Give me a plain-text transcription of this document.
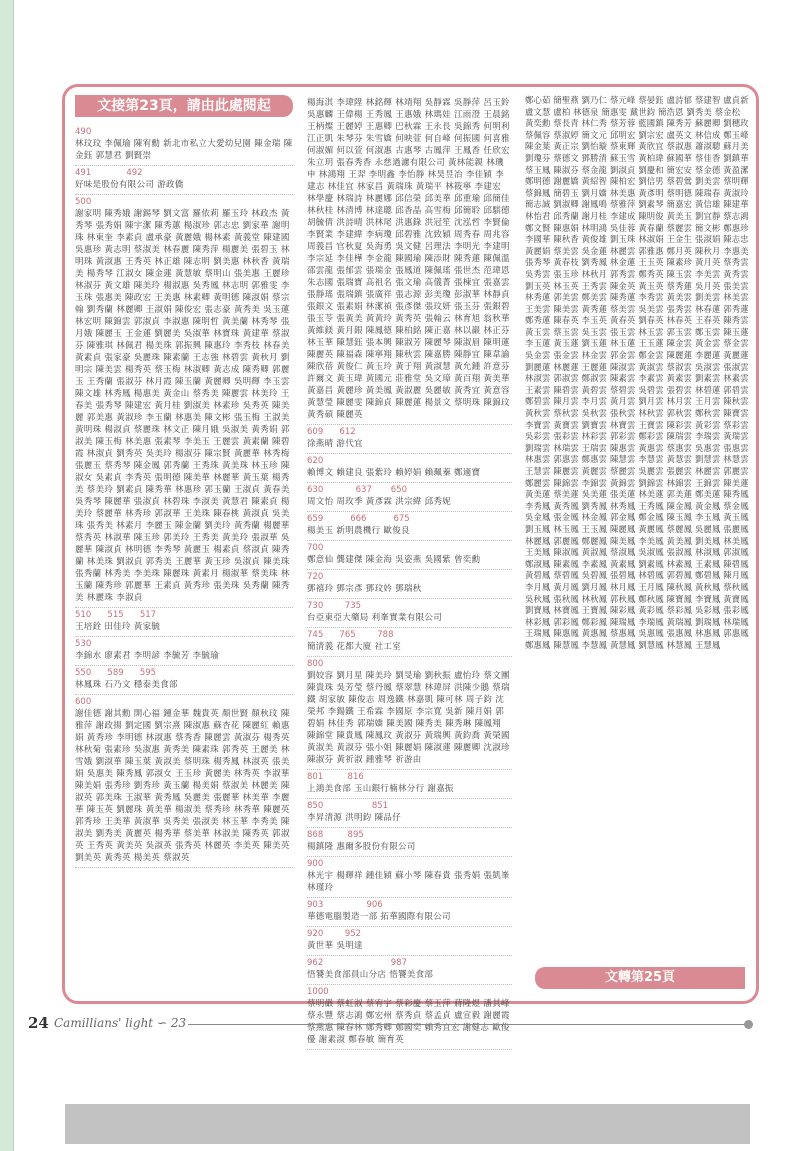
文接第23頁，請由此處閱起
490
林玟玟 李佩瑜 陳宥勳 新北市私立大愛幼兒園 陳金瑞 陳金鈺 郭慧君 劉賢崇
491             492
好味是股份有限公司 游政僑
500
謝家明 陳秀娥 謝錫琴 劉文富 羅依莉 羅玉玲 林政杰 黃秀琴 張秀娟 陳宇潔 陳秀蕙 楊淑珍 郭志忠 劉家華 謝明珠 林東奎 李素貞 盧承豪 黃麗娥 楊林素 黃義堂 陳建國 吳惠珍 黃志明 蔡淑美 林春麗 陳秀萍 楊麗美 張碧玉 林明珠 黃淑惠 王秀英 林正雄 陳志明 劉美惠 林秋香 黃瑞美 楊秀琴 江淑女 陳金蓮 黃慧敏 蔡明山 張美惠 王麗珍 林淑芬 黃文雄 陳美玲 楊淑惠 吳秀鳳 林志明 郭雅雯 李玉珠 張惠美 陳政宏 王美惠 林素卿 黃明德 陳淑娟 蔡宗翰 劉秀蘭 林麗卿 王淑娟 陳俊宏 張志豪 黃秀美 吳玉蓮 林宏明 陳錦雲 郭淑貞 李淑惠 陳明哲 黃美蘭 林秀琴 張月娥 陳麗玉 王金蓮 劉麗美 吳淑華 林寶珠 黃建華 蔡淑芬 陳雅琪 林佩君 楊美珠 郭振興 陳惠玲 李秀枝 林春美 黃素貞 張家豪 吳麗珠 陳素蘭 王志強 林碧雲 黃秋月 劉明宗 陳美雲 楊秀英 蔡玉梅 林淑卿 黃志成 陳秀卿 郭麗玉 王秀蘭 張淑芬 林月霞 陳玉蘭 黃麗卿 吳明輝 李玉雲 陳文雄 林秀鳳 楊惠美 黃金山 蔡秀美 陳麗雲 林美玲 王春美 張秀琴 陳建宏 黃月桂 劉淑美 林素珍 吳秀英 陳美麗 郭美惠 黃淑珍 李玉蘭 林惠美 陳文彬 張玉梅 王淑美 黃明珠 楊淑貞 蔡麗珠 林文正 陳月娥 吳淑美 黃秀娟 郭淑美 陳玉梅 林美惠 張素琴 李美玉 王麗雲 黃素蘭 陳碧霞 林淑貞 劉秀英 吳美玲 楊淑芬 陳宗賢 黃麗華 林秀梅 張麗玉 蔡秀琴 陳金鳳 郭秀蘭 王秀珠 黃美珠 林玉珍 陳淑女 吳素貞 李秀英 張明德 陳美華 林麗華 黃玉葉 楊秀美 蔡美玲 劉素貞 陳秀華 林惠珍 郭玉蘭 王淑貞 黃春美 吳秀琴 陳麗華 張淑貞 林碧珠 李淑美 黃慧君 陳素貞 楊美玲 蔡麗華 林秀珍 郭淑華 王美珠 陳春桃 黃淑貞 吳美珠 張秀美 林素月 李麗玉 陳金蘭 劉美玲 黃秀蘭 楊麗華 蔡秀英 林淑華 陳玉珍 郭美玲 王秀美 黃美玲 張淑華 吳麗華 陳淑貞 林明德 李秀琴 黃麗玉 楊素貞 蔡淑貞 陳秀蘭 林美珠 劉淑貞 郭秀美 王麗華 黃玉珍 吳淑貞 陳美珠 張秀蘭 林秀美 李美珠 陳麗珠 黃素月 楊淑華 蔡美珠 林玉蘭 陳秀珍 郭麗華 王素貞 黃秀珍 張美珠 吳秀蘭 陳秀美 林麗珠 李淑貞
510      515      517
王培銓 田佳玲 黃家毓
530
李錦水 廖素君 李明諺 李毓芳 李毓瑜
550      589      595
林鳳珠 石乃文 穩泰美食部
600
謝佳德 謝其勳 開心福 鍾金華 魏貴英 顏世賢 顏秋玟 陳雅萍 謝政揚 劉定國 劉宗熹 陳淑惠 蘇杏花 陳麗紅 賴惠娟 黃秀珍 李明德 林淑惠 蔡秀香 陳麗雲 黃淑芬 楊秀英 林秋菊 張素珍 吳淑惠 黃秀美 陳素珠 郭秀英 王麗美 林雪娥 劉淑華 陳玉葉 黃淑美 蔡明珠 楊秀鳳 林淑英 張美娟 吳惠美 陳秀鳳 郭淑女 王玉珍 黃麗美 林秀英 李淑華 陳美娟 張秀珍 劉秀珍 黃玉蘭 楊美娟 蔡淑美 林麗美 陳淑英 郭美珠 王淑華 黃秀鳳 吳麗美 張麗華 林美華 李麗華 陳玉英 劉麗珠 黃美華 楊淑美 蔡秀珍 林秀華 陳麗英 郭秀珍 王美華 黃淑華 吳秀美 張淑美 林玉華 李秀美 陳淑美 劉秀美 黃麗英 楊秀華 蔡美華 林淑美 陳秀英 郭淑英 王秀英 黃美英 吳淑英 張秀英 林麗英 李美英 陳美英 劉美英 黃秀英 楊美英 蔡淑英
楊海淇 李瑋陞 林銘輝 林靖翔 吳靜霖 吳靜萍 呂玉鈴 吳惠麟 王偉楊 王秀鳳 王惠娥 林瑪娃 江雨澄 王晨銘 王柄燦 王麗婷 王惠卿 巴秋霖 王永長 吳錦秀 何明利 江正凱 朱琴芬 朱雪嬌 何映萱 何自峰 何振國 何喜雅 何淑媚 何以萱 何淑惠 古惠琴 古鳳萍 王鳳香 任欣宏 朱立玥 張春秀香 永慈過濾有限公司 黃林能親 林璣申 林鴻翔 王羿 李明鑫 李怡靜 林昊昱冶 李佳穎 李建志 林佳宜 林家昌 黃瑞珠 黃瑞平 林筱寧 李建宏 林學慶 林瑞詩 林麗娜 邱信榮 邱美華 邱重瑜 邱簡佳 林秋桂 林清博 林達聰 邱香晶 高雪梅 邱簡聆 邱騏德 胡毓倩 洪詩晴 洪林尾 洪惠錄 洪冠笙 沈泓哲 李賢倫 李賢業 李建緯 李病瓊 邱碧雅 沈致穎 周秀春 周兆容 周義昌 官秋夏 吳海勇 吳文健 呂理法 李明光 李建明 李宗延 李佳樺 李金龍 陳國瑜 陳添財 陳秀蓮 陳佩溫 邵雲龍 張郁雲 張瑞金 張鳳道 陳佩瑤 張世杰 范瑋恩 朱志國 張瑞寶 高祖名 張文瑜 高儀菁 張棟宜 張嘉雲 張靜瑤 張瑞鎮 張廣祥 張志源 彭美瓊 彭淑華 林靜貞 張銀文 張素娟 林潔禎 張彥傑 張玟妍 張玉芬 張銀碧 張玉苓 張黃美 黃黃玲 黃秀英 張翰云 林育旭 翁秋華 黃維鎂 黃月銀 陳鳳德 陳柏銘 陳正嘉 林以巖 林正芬 林玉華 陳慧鈺 張本興 陳淑芳 陳麗琴 陳淑眉 陳明蓮 陳麗英 陳福森 陳寧翔 陳秋雲 陳嘉勝 陳靜宜 陳韋諭 陳欣蓓 黃俊仁 黃玉玲 黃于翔 黃淑慧 黃允鍾 許意芬 許爾文 黃玉瑋 黃國元 莊雅堂 吳文璋 黃百翔 黃美華 黃嘉昌 黃麗珍 黃美鳳 黃淑麗 吳麗敏 黃秀宜 黃意容 黃慧瑩 陳麗雯 陳錦貞 陳麗蓮 楊景文 蔡明珠 陳錦玟 黃秀碩 陳麗英
609      612
徐燕晴 游代宜
620
賴博文 賴建良 張紫玲 賴婷娟 賴珮蓁 鄭適寶
630            637       650
周文怡 周玫季 黃彥霖 洪宗緯 邱秀妮
659          666          675
楊美玉 新明農機行 歐俊良
700
鄭意仙 龔建傑 陳金海 吳姿燕 吳國紫 曾奕勳
720
鄧禧玲 鄧宗彥 鄧玟妗 鄧瑞秋
730        735
台亞東亞大藥局 利峯實業有限公司
745      765        788
簡清義 花都大廈 社工室
800
劉姣容 劉月星 陳美玲 劉旻瑜 劉秋振 盧怡玲 蔡文團 陳貴珠 吳芳瑩 蔡丹鳳 蔡翠慧 林瑋屏 洪陳少鵝 蔡瑞鐵 胡家敏 陳俊志 周逸鐵 林嘉凱 陳可林 周子鈞 沈榮邦 李鍚鐵 王希霖 李國原 李宗寬 吳新 陳月娟 郭碧娟 林佳秀 郭瑞嬌 陳美國 陳秀美 陳秀琳 陳鳳翔 陳錦堂 陳貴鳳 陳鳳玟 黃淑芬 黃瑞興 黃鈞喬 黃榮國 黃淑美 黃淑芬 張小姐 陳麗娟 陳淑蓮 陳麗卿 沈淑珍 陳淑芬 黃祈淑 鍾雅琴 祈游由
801         816
上鴻美食部 玉山銀行楠林分行 謝嘉振
850                  851
李昇清源 洪明鈞 陳品仔
868         895
楊鎮隆 惠爾多股份有限公司
900
林光宇 楊輝祥 鍾佳穎 蘇小琴 陳春貴 張秀娟 張凱峯 林瑾玲
903                906
華德電腦製造一部 拓華國際有限公司
920        952
黃世華 吳明達
962                         987
悟饕美食部員山分店 悟饕美食部
1000
蔡明嚴 蔡虹淑 蔡宥宇 蔡彩慶 蔡玉萍 蔣隆煜 潘其峰 蔡永豐 蔡志鴻 鄭宏州 蔡秀貞 蔡孟貞 盧宣毅 謝麗霞 蔡燕惠 陳春林 鄭秀卿 鄭國奕 賴秀宜宏 謝健志 歐俊優 謝素淑 鄭春敏 簡育英
鄭心茹 簡聖燕 劉乃仁 蔡元峰 蔡晏鈺 盧詩郁 蔡建智 盧貞新 盧文慧 盧柏 林德泉 簡惠雯 戴世鈞 簡浩恩 劉秀美 蔡金松 黃奕勳 蔡長青 林仁秀 蔡芳蓉 藍國鎮 陳秀芳 蘇麗卿 劉穗玫 蔡佩容 蔡淑婷 簡文元 邱明宏 劉宗宏 盧英文 林信成 鄭玉峰 陳金葉 黃正宗 劉怡璇 蔡東輝 黃欣宜 蔡淑惠 蕭淑聰 蘇月美 劉瓊芬 蔡德文 鄧勝清 蘇玉雪 黃柏瑋 蘇國華 蔡佳香 劉鎮華 蔡玉鳳 陳淑芬 蔡金龍 劉淑貞 劉慶和 簡宏安 蔡金德 黃盈潔 鄭明德 謝麗嬌 黃紹智 陳柏宏 劉信男 蔡碧鶯 劉美雲 蔡明輝 蔡錦鳳 簡碧玉 劉月嬌 林美惠 黃彥明 蔡明德 陳瑞春 黃淑玲 簡志誠 劉淑卿 謝鳳鳴 蔡雅萍 劉素琴 簡嘉宏 黃信雄 陳建華 林怡君 邱秀蘭 謝月桂 李建成 陳明俊 黃美玉 劉宜靜 蔡志鴻 鄭文賢 陳惠娟 林明鴻 吳佳蓉 黃春蘭 蔡麗雲 簡文彬 鄭惠珍 李國華 陳秋香 黃俊雄 劉玉珠 林淑娟 王金生 張淑娟 陳志忠 黃麗娟 蔡美雲 吳金蓮 林麗雲 郭雅惠 鄭月英 陳秋月 李惠美 張秀琴 黃春枝 劉秀鳳 林金蓮 王玉英 陳素珍 黃月英 蔡秀雲 吳秀雲 張玉珍 林秋月 郭秀雲 鄭秀英 陳玉雲 李美雲 黃秀雲 劉玉英 林玉英 王秀雲 陳金英 黃玉英 蔡秀蓮 吳月英 張美雲 林秀蓮 郭美雲 鄭美雲 陳秀蓮 李秀雲 黃美雲 劉美雲 林美雲 王美雲 陳美雲 黃秀蓮 蔡美雲 吳美雲 張秀雲 林春蓮 郭秀蓮 鄭秀蓮 陳春英 李玉英 黃春英 劉春英 林春英 王春英 陳秀雲 黃玉雲 蔡玉雲 吳玉雲 張玉雲 林玉雲 郭玉雲 鄭玉雲 陳玉蓮 李玉蓮 黃玉蓮 劉玉蓮 林玉蓮 王玉蓮 陳金雲 黃金雲 蔡金雲 吳金雲 張金雲 林金雲 郭金雲 鄭金雲 陳麗蓮 李麗蓮 黃麗蓮 劉麗蓮 林麗蓮 王麗蓮 陳淑雲 黃淑雲 蔡淑雲 吳淑雲 張淑雲 林淑雲 郭淑雲 鄭淑雲 陳素雲 李素雲 黃素雲 劉素雲 林素雲 王素雲 陳碧雲 黃碧雲 蔡碧雲 吳碧雲 張碧雲 林碧蓮 郭碧雲 鄭碧雲 陳月雲 李月雲 黃月雲 劉月雲 林月雲 王月雲 陳秋雲 黃秋雲 蔡秋雲 吳秋雲 張秋雲 林秋雲 郭秋雲 鄭秋雲 陳寶雲 李寶雲 黃寶雲 劉寶雲 林寶雲 王寶雲 陳彩雲 黃彩雲 蔡彩雲 吳彩雲 張彩雲 林彩雲 郭彩雲 鄭彩雲 陳瑞雲 李瑞雲 黃瑞雲 劉瑞雲 林瑞雲 王瑞雲 陳惠雲 黃惠雲 蔡惠雲 吳惠雲 張惠雲 林惠雲 郭惠雲 鄭惠雲 陳慧雲 李慧雲 黃慧雲 劉慧雲 林慧雲 王慧雲 陳麗雲 黃麗雲 蔡麗雲 吳麗雲 張麗雲 林麗雲 郭麗雲 鄭麗雲 陳錦雲 李錦雲 黃錦雲 劉錦雲 林錦雲 王錦雲 陳美蓮 黃美蓮 蔡美蓮 吳美蓮 張美蓮 林美蓮 郭美蓮 鄭美蓮 陳秀鳳 李秀鳳 黃秀鳳 劉秀鳳 林秀鳳 王秀鳳 陳金鳳 黃金鳳 蔡金鳳 吳金鳳 張金鳳 林金鳳 郭金鳳 鄭金鳳 陳玉鳳 李玉鳳 黃玉鳳 劉玉鳳 林玉鳳 王玉鳳 陳麗鳳 黃麗鳳 蔡麗鳳 吳麗鳳 張麗鳳 林麗鳳 郭麗鳳 鄭麗鳳 陳美鳳 李美鳳 黃美鳳 劉美鳳 林美鳳 王美鳳 陳淑鳳 黃淑鳳 蔡淑鳳 吳淑鳳 張淑鳳 林淑鳳 郭淑鳳 鄭淑鳳 陳素鳳 李素鳳 黃素鳳 劉素鳳 林素鳳 王素鳳 陳碧鳳 黃碧鳳 蔡碧鳳 吳碧鳳 張碧鳳 林碧鳳 郭碧鳳 鄭碧鳳 陳月鳳 李月鳳 黃月鳳 劉月鳳 林月鳳 王月鳳 陳秋鳳 黃秋鳳 蔡秋鳳 吳秋鳳 張秋鳳 林秋鳳 郭秋鳳 鄭秋鳳 陳寶鳳 李寶鳳 黃寶鳳 劉寶鳳 林寶鳳 王寶鳳 陳彩鳳 黃彩鳳 蔡彩鳳 吳彩鳳 張彩鳳 林彩鳳 郭彩鳳 鄭彩鳳 陳瑞鳳 李瑞鳳 黃瑞鳳 劉瑞鳳 林瑞鳳 王瑞鳳 陳惠鳳 黃惠鳳 蔡惠鳳 吳惠鳳 張惠鳳 林惠鳳 郭惠鳳 鄭惠鳳 陳慧鳳 李慧鳳 黃慧鳳 劉慧鳳 林慧鳳 王慧鳳
文轉第25頁
24 Camillians' light ∽ 23
